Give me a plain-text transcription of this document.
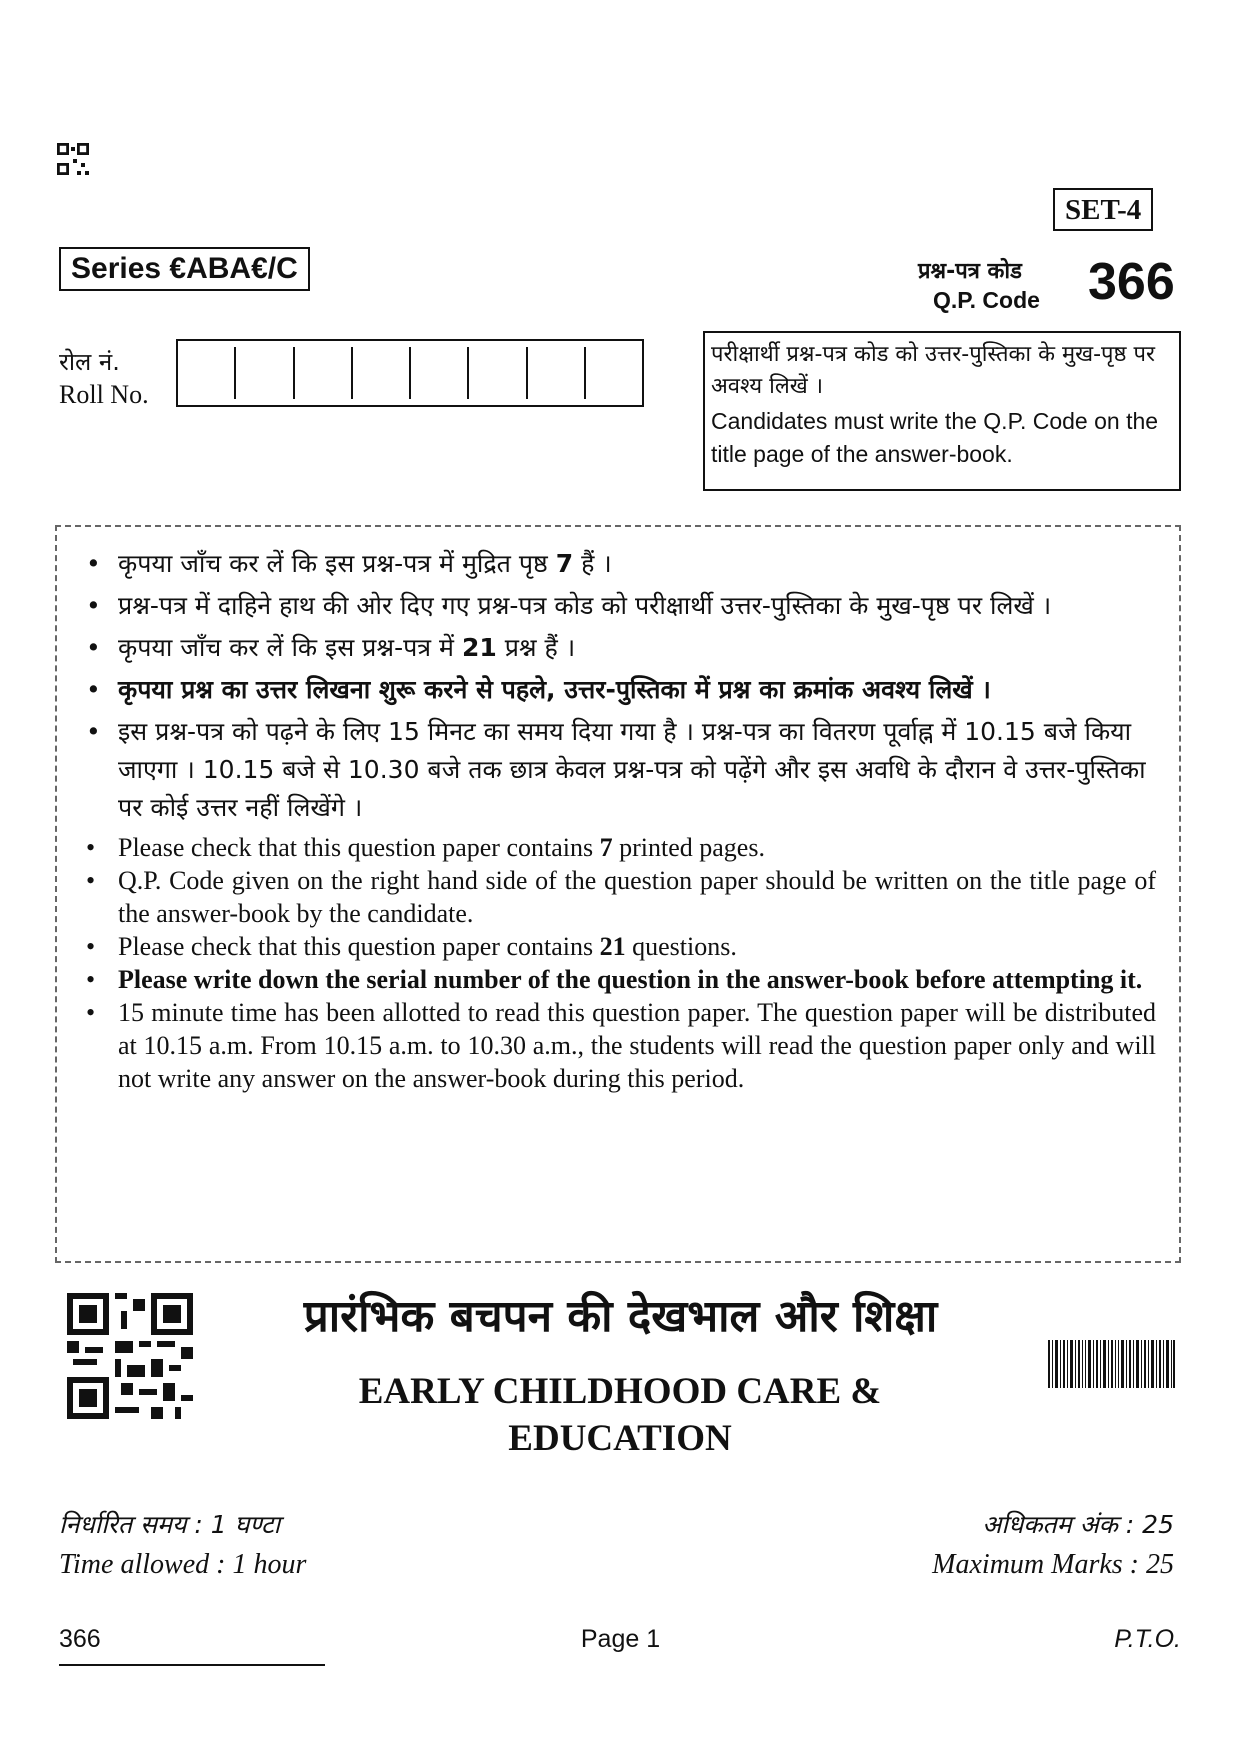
SET-4
Series €ABA€/C	प्रश्न-पत्र कोड
Q.P. Code 366
रोल नं.
Roll No.
परीक्षार्थी प्रश्न-पत्र कोड को उत्तर-पुस्तिका के मुख-पृष्ठ पर अवश्य लिखें ।
Candidates must write the Q.P. Code on the title page of the answer-book.
• कृपया जाँच कर लें कि इस प्रश्न-पत्र में मुद्रित पृष्ठ 7 हैं ।
• प्रश्न-पत्र में दाहिने हाथ की ओर दिए गए प्रश्न-पत्र कोड को परीक्षार्थी उत्तर-पुस्तिका के मुख-पृष्ठ पर लिखें ।
• कृपया जाँच कर लें कि इस प्रश्न-पत्र में 21 प्रश्न हैं ।
• कृपया प्रश्न का उत्तर लिखना शुरू करने से पहले, उत्तर-पुस्तिका में प्रश्न का क्रमांक अवश्य लिखें ।
• इस प्रश्न-पत्र को पढ़ने के लिए 15 मिनट का समय दिया गया है । प्रश्न-पत्र का वितरण पूर्वाह्न में 10.15 बजे किया जाएगा । 10.15 बजे से 10.30 बजे तक छात्र केवल प्रश्न-पत्र को पढ़ेंगे और इस अवधि के दौरान वे उत्तर-पुस्तिका पर कोई उत्तर नहीं लिखेंगे ।
• Please check that this question paper contains 7 printed pages.
• Q.P. Code given on the right hand side of the question paper should be written on the title page of the answer-book by the candidate.
• Please check that this question paper contains 21 questions.
• Please write down the serial number of the question in the answer-book before attempting it.
• 15 minute time has been allotted to read this question paper. The question paper will be distributed at 10.15 a.m. From 10.15 a.m. to 10.30 a.m., the students will read the question paper only and will not write any answer on the answer-book during this period.
प्रारंभिक बचपन की देखभाल और शिक्षा
EARLY CHILDHOOD CARE & EDUCATION
निर्धारित समय : 1 घण्टा
Time allowed : 1 hour
अधिकतम अंक : 25
Maximum Marks : 25
366	Page 1	P.T.O.
